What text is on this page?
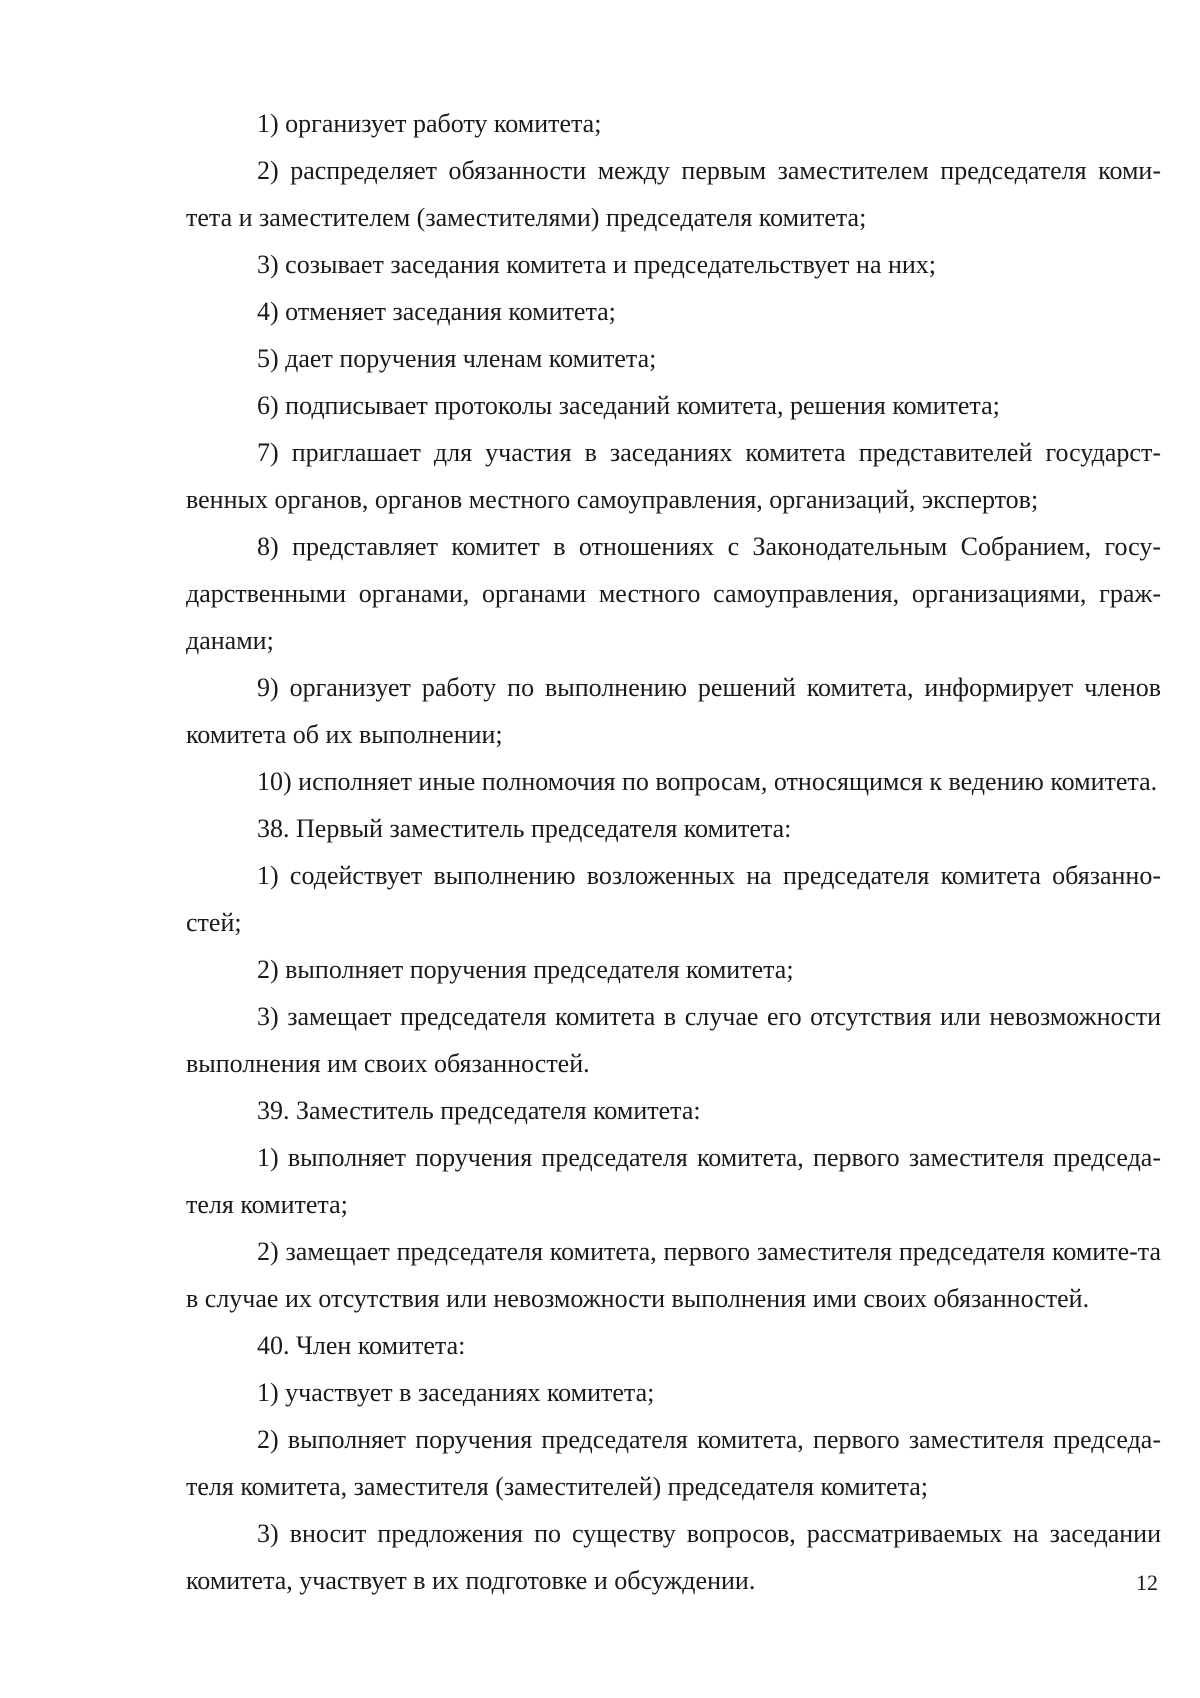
1) организует работу комитета;

2) распределяет обязанности между первым заместителем председателя коми-тета и заместителем (заместителями) председателя комитета;

3) созывает заседания комитета и председательствует на них;

4) отменяет заседания комитета;

5) дает поручения членам комитета;

6) подписывает протоколы заседаний комитета, решения комитета;

7) приглашает для участия в заседаниях комитета представителей государст-венных органов, органов местного самоуправления, организаций, экспертов;

8) представляет комитет в отношениях с Законодательным Собранием, госу-дарственными органами, органами местного самоуправления, организациями, граж-данами;

9) организует работу по выполнению решений комитета, информирует членов комитета об их выполнении;

10) исполняет иные полномочия по вопросам, относящимся к ведению комитета.

38. Первый заместитель председателя комитета:

1) содействует выполнению возложенных на председателя комитета обязанно-стей;

2) выполняет поручения председателя комитета;

3) замещает председателя комитета в случае его отсутствия или невозможности выполнения им своих обязанностей.

39. Заместитель председателя комитета:

1) выполняет поручения председателя комитета, первого заместителя председа-теля комитета;

2) замещает председателя комитета, первого заместителя председателя комите-та в случае их отсутствия или невозможности выполнения ими своих обязанностей.

40. Член комитета:

1) участвует в заседаниях комитета;

2) выполняет поручения председателя комитета, первого заместителя председа-теля комитета, заместителя (заместителей) председателя комитета;

3) вносит предложения по существу вопросов, рассматриваемых на заседании комитета, участвует в их подготовке и обсуждении.	12
